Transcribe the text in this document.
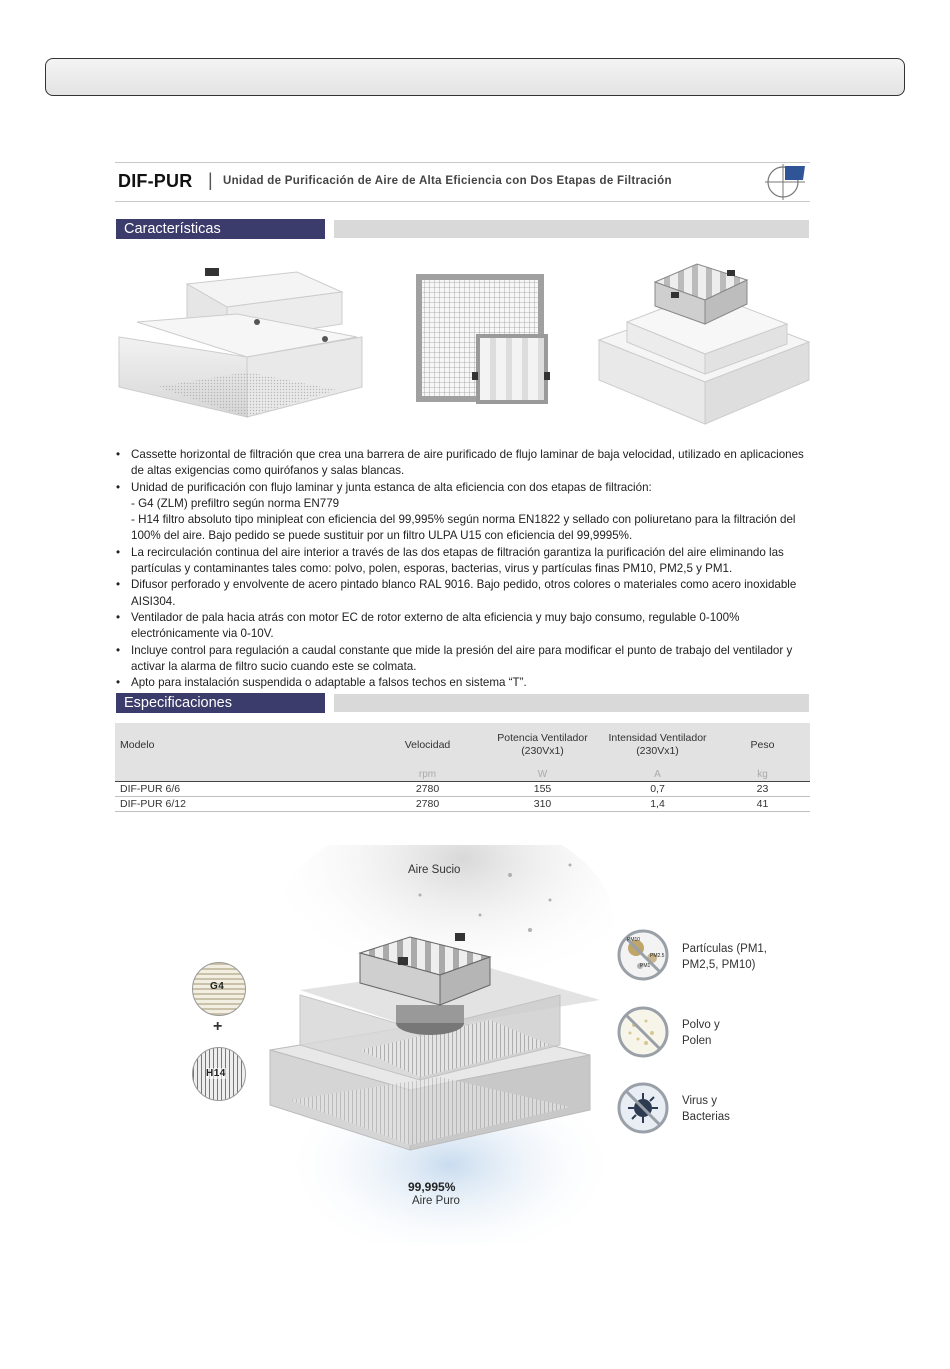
DIF-PUR | Unidad de Purificación de Aire de Alta Eficiencia con Dos Etapas de Filtración
Características
• Cassette horizontal de filtración que crea una barrera de aire purificado de flujo laminar de baja velocidad, utilizado en aplicaciones de altas exigencias como quirófanos y salas blancas.
• Unidad de purificación con flujo laminar y junta estanca de alta eficiencia con dos etapas de filtración:
- G4 (ZLM) prefiltro según norma EN779
- H14 filtro absoluto tipo minipleat con eficiencia del 99,995% según norma EN1822 y sellado con poliuretano para la filtración del 100% del aire. Bajo pedido se puede sustituir por un filtro ULPA U15 con eficiencia del 99,9995%.
• La recirculación continua del aire interior a través de las dos etapas de filtración garantiza la purificación del aire eliminando las partículas y contaminantes tales como: polvo, polen, esporas, bacterias, virus y partículas finas PM10, PM2,5 y PM1.
• Difusor perforado y envolvente de acero pintado blanco RAL 9016. Bajo pedido, otros colores o materiales como acero inoxidable AISI304.
• Ventilador de pala hacia atrás con motor EC de rotor externo de alta eficiencia y muy bajo consumo, regulable 0-100% electrónicamente via 0-10V.
• Incluye control para regulación a caudal constante que mide la presión del aire para modificar el punto de trabajo del ventilador y activar la alarma de filtro sucio cuando este se colmata.
• Apto para instalación suspendida o adaptable a falsos techos en sistema “T”.
Especificaciones
Modelo	Velocidad	Potencia Ventilador (230Vx1)	Intensidad Ventilador (230Vx1)	Peso
	rpm	W	A	kg
DIF-PUR 6/6	2780	155	0,7	23
DIF-PUR 6/12	2780	310	1,4	41
Aire Sucio
99,995%
Aire Puro
G4
+
H14
PM10
PM2.5
PM1
Partículas (PM1,
PM2,5, PM10)
Polvo y
Polen
Virus y
Bacterias
